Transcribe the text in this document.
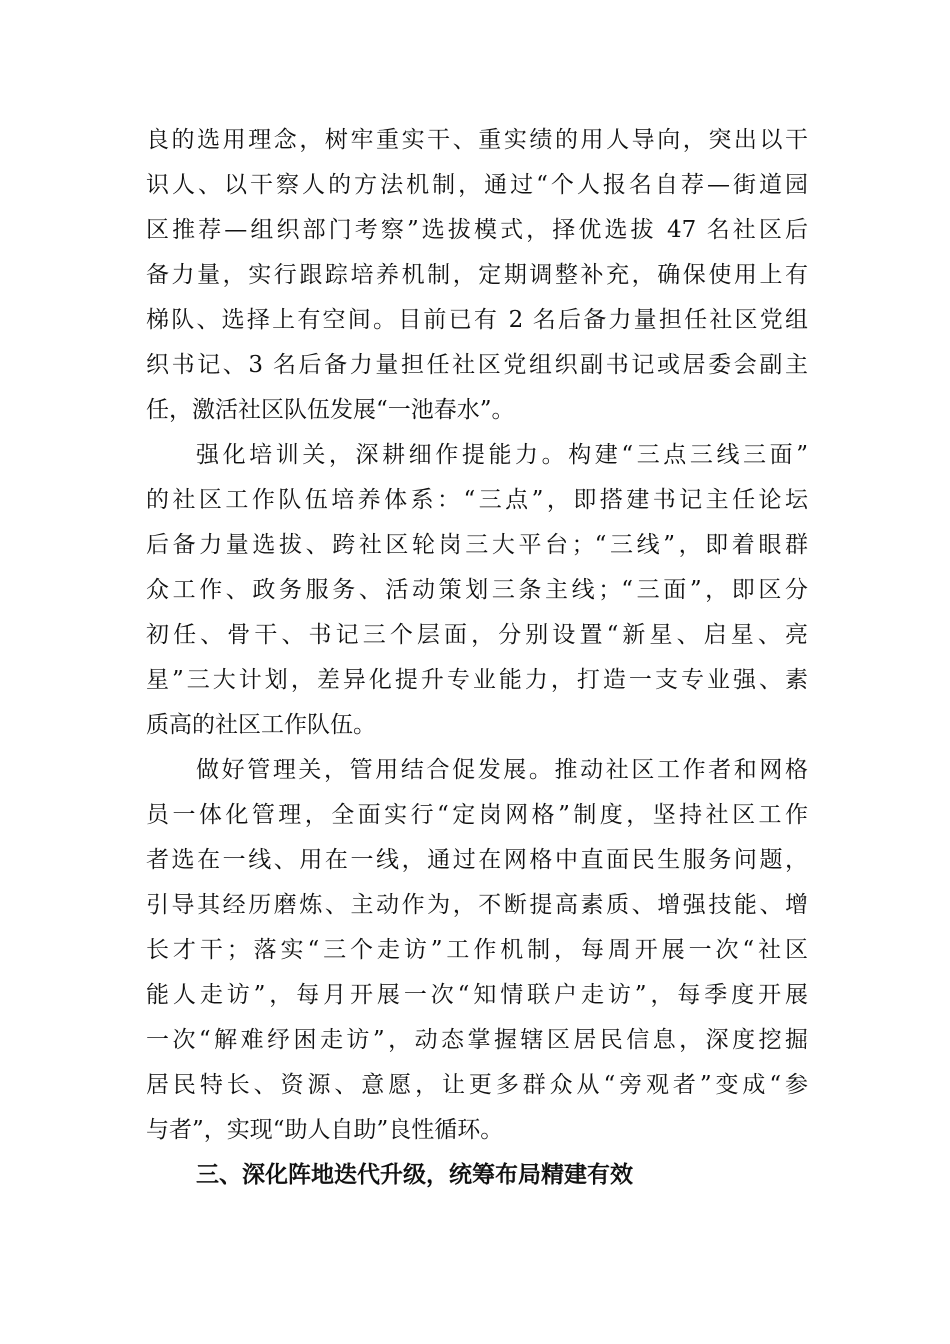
良的选用理念，树牢重实干、重实绩的用人导向，突出以干
识人、以干察人的方法机制，通过“个人报名自荐—街道园
区推荐—组织部门考察”选拔模式，择优选拔 47 名社区后
备力量，实行跟踪培养机制，定期调整补充，确保使用上有
梯队、选择上有空间。目前已有 2 名后备力量担任社区党组
织书记、3 名后备力量担任社区党组织副书记或居委会副主
任，激活社区队伍发展“一池春水”。
强化培训关，深耕细作提能力。构建“三点三线三面”
的社区工作队伍培养体系：“三点”，即搭建书记主任论坛
后备力量选拔、跨社区轮岗三大平台；“三线”，即着眼群
众工作、政务服务、活动策划三条主线；“三面”，即区分
初任、骨干、书记三个层面，分别设置“新星、启星、亮
星”三大计划，差异化提升专业能力，打造一支专业强、素
质高的社区工作队伍。
做好管理关，管用结合促发展。推动社区工作者和网格
员一体化管理，全面实行“定岗网格”制度，坚持社区工作
者选在一线、用在一线，通过在网格中直面民生服务问题，
引导其经历磨炼、主动作为，不断提高素质、增强技能、增
长才干；落实“三个走访”工作机制，每周开展一次“社区
能人走访”，每月开展一次“知情联户走访”，每季度开展
一次“解难纾困走访”，动态掌握辖区居民信息，深度挖掘
居民特长、资源、意愿，让更多群众从“旁观者”变成“参
与者”，实现“助人自助”良性循环。
三、深化阵地迭代升级，统筹布局精建有效
